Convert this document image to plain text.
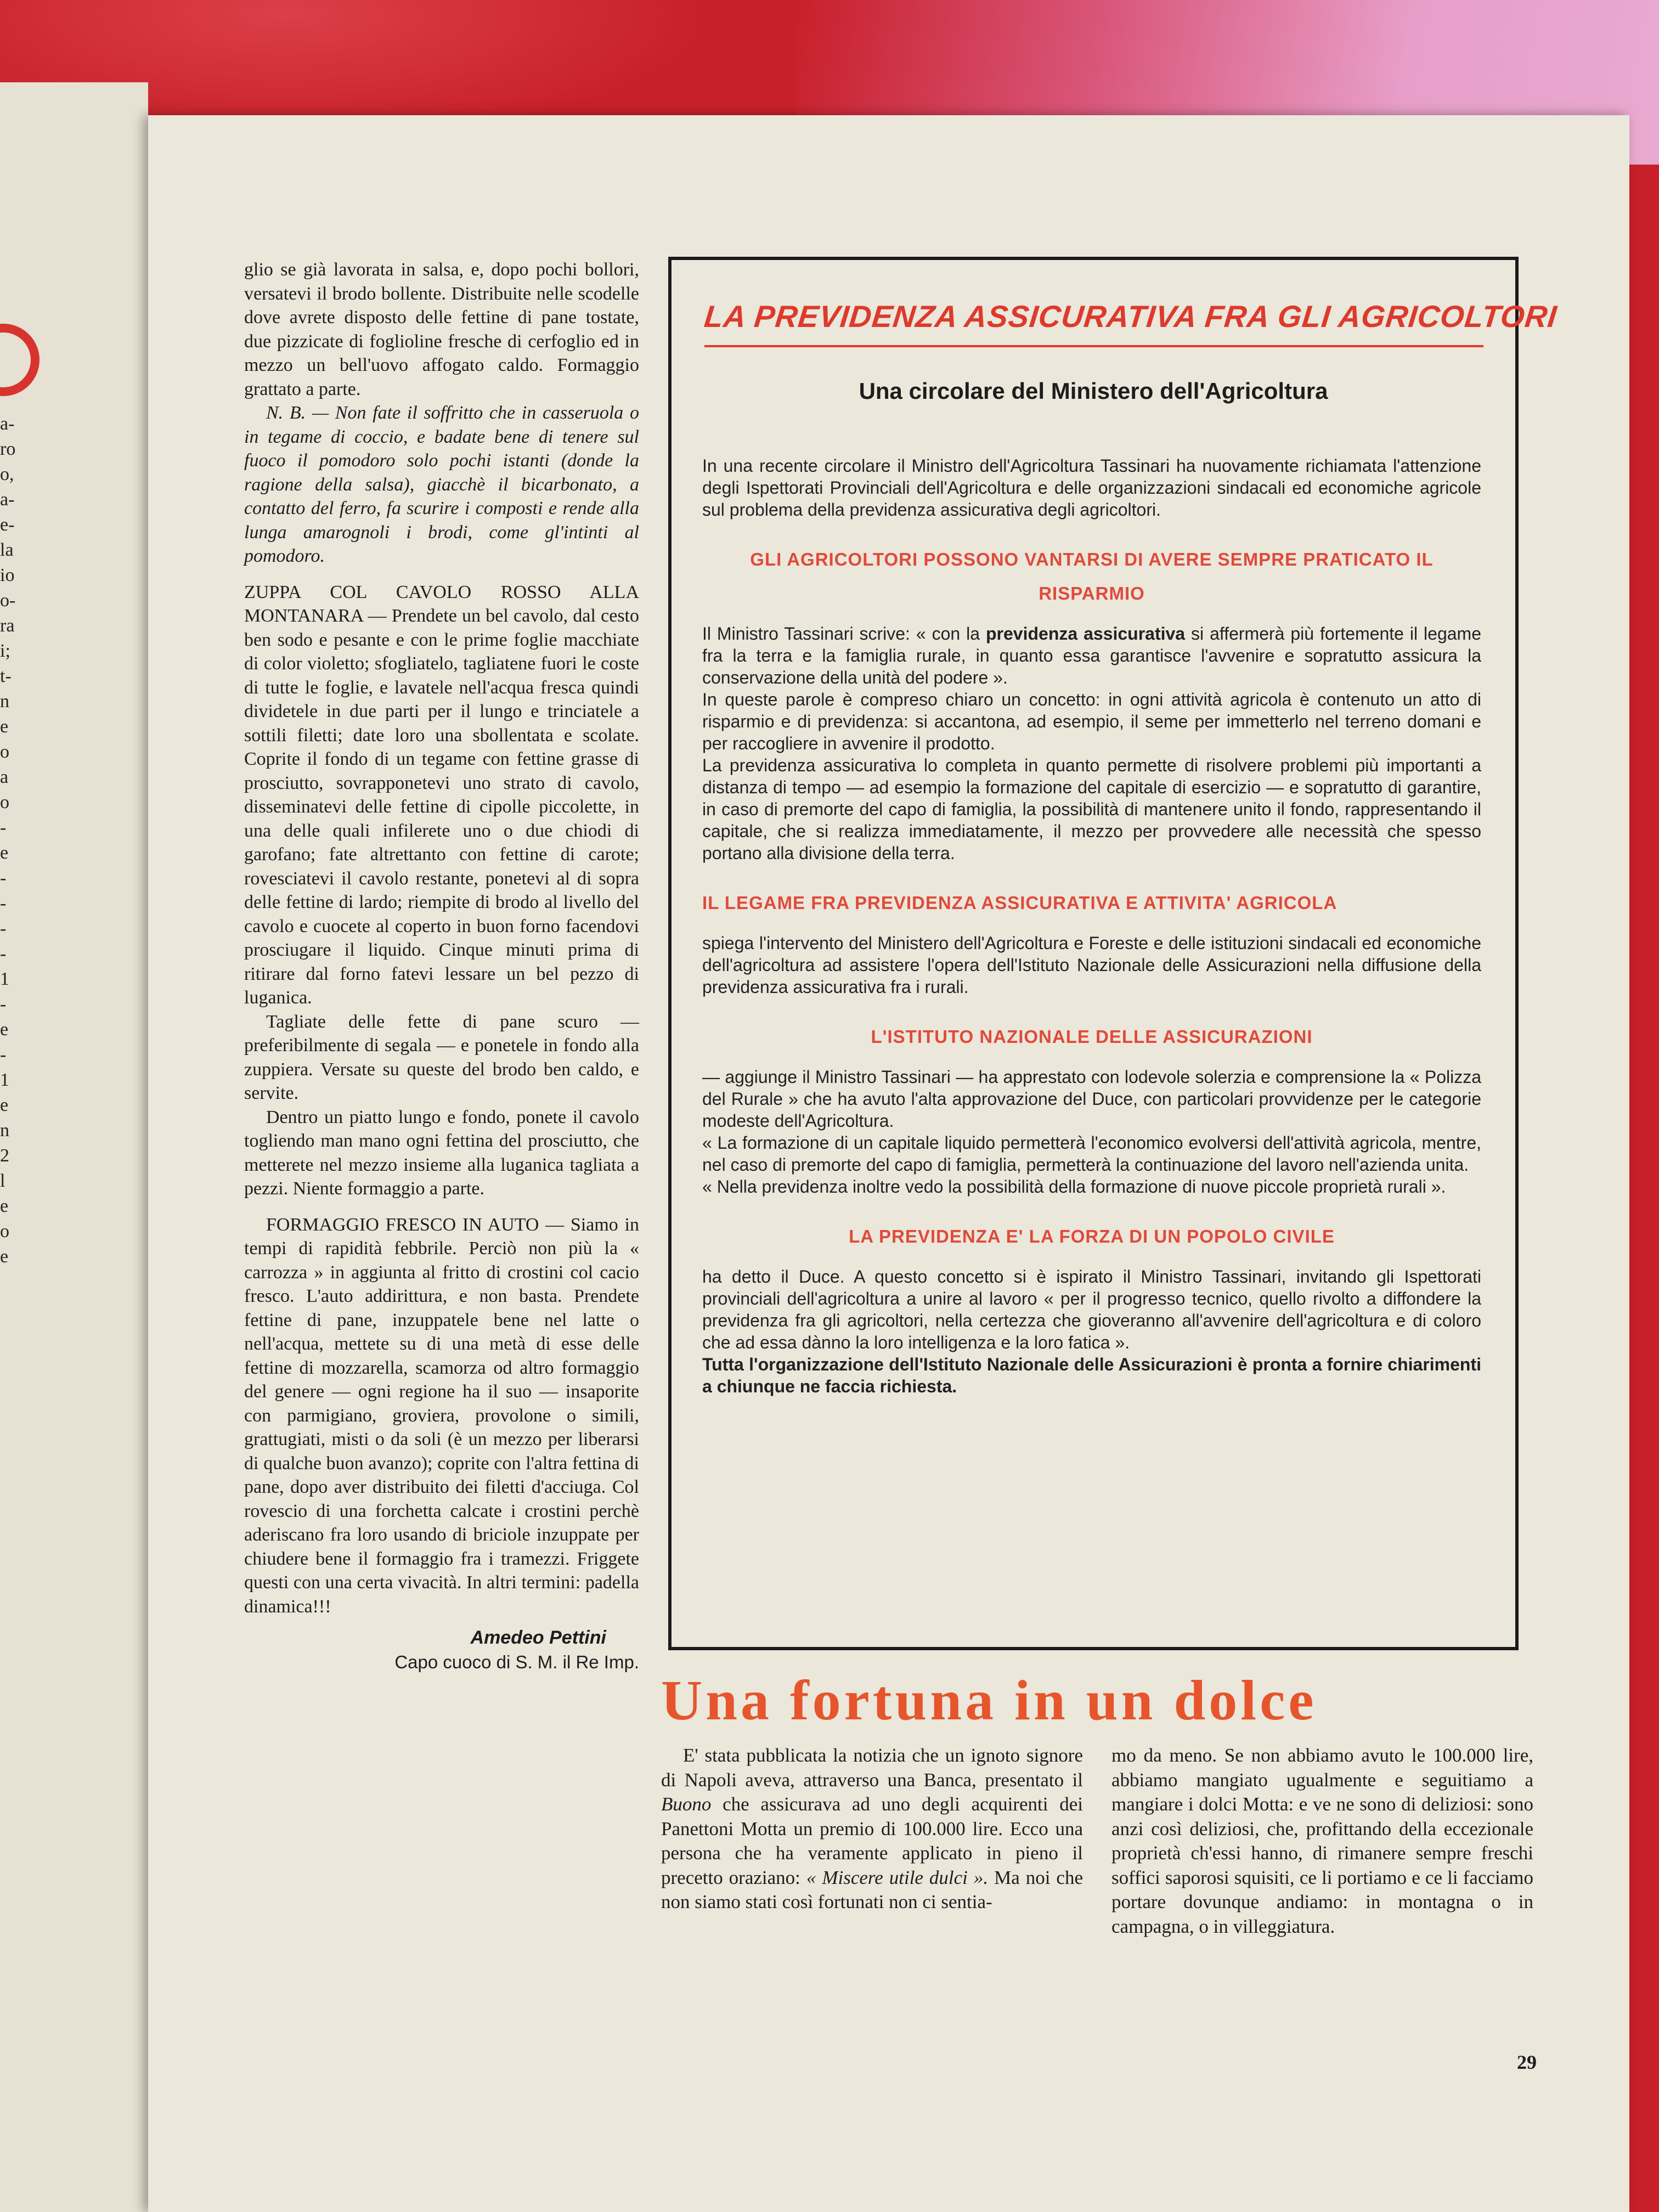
a-
ro
o,
a-
e-
la
io
o-
ra
i;
t-
n
e
o
a
o
-
e
-
-
-
-
1
-
e
-
1
e
n
2
l
e
o
e

glio se già lavorata in salsa, e, dopo pochi bollori, versatevi il brodo bollente. Distribuite nelle scodelle dove avrete disposto delle fettine di pane tostate, due pizzicate di foglioline fresche di cerfoglio ed in mezzo un bell'uovo affogato caldo. Formaggio grattato a parte.

N. B. — Non fate il soffritto che in casseruola o in tegame di coccio, e badate bene di tenere sul fuoco il pomodoro solo pochi istanti (donde la ragione della salsa), giacchè il bicarbonato, a contatto del ferro, fa scurire i composti e rende alla lunga amarognoli i brodi, come gl'intinti al pomodoro.

ZUPPA COL CAVOLO ROSSO ALLA MONTANARA — Prendete un bel cavolo, dal cesto ben sodo e pesante e con le prime foglie macchiate di color violetto; sfogliatelo, tagliatene fuori le coste di tutte le foglie, e lavatele nell'acqua fresca quindi dividetele in due parti per il lungo e trinciatele a sottili filetti; date loro una sbollentata e scolate. Coprite il fondo di un tegame con fettine grasse di prosciutto, sovrapponetevi uno strato di cavolo, disseminatevi delle fettine di cipolle piccolette, in una delle quali infilerete uno o due chiodi di garofano; fate altrettanto con fettine di carote; rovesciatevi il cavolo restante, ponetevi al di sopra delle fettine di lardo; riempite di brodo al livello del cavolo e cuocete al coperto in buon forno facendovi prosciugare il liquido. Cinque minuti prima di ritirare dal forno fatevi lessare un bel pezzo di luganica.

Tagliate delle fette di pane scuro — preferibilmente di segala — e ponetele in fondo alla zuppiera. Versate su queste del brodo ben caldo, e servite.

Dentro un piatto lungo e fondo, ponete il cavolo togliendo man mano ogni fettina del prosciutto, che metterete nel mezzo insieme alla luganica tagliata a pezzi. Niente formaggio a parte.

FORMAGGIO FRESCO IN AUTO — Siamo in tempi di rapidità febbrile. Perciò non più la « carrozza » in aggiunta al fritto di crostini col cacio fresco. L'auto addirittura, e non basta. Prendete fettine di pane, inzuppatele bene nel latte o nell'acqua, mettete su di una metà di esse delle fettine di mozzarella, scamorza od altro formaggio del genere — ogni regione ha il suo — insaporite con parmigiano, groviera, provolone o simili, grattugiati, misti o da soli (è un mezzo per liberarsi di qualche buon avanzo); coprite con l'altra fettina di pane, dopo aver distribuito dei filetti d'acciuga. Col rovescio di una forchetta calcate i crostini perchè aderiscano fra loro usando di briciole inzuppate per chiudere bene il formaggio fra i tramezzi. Friggete questi con una certa vivacità. In altri termini: padella dinamica!!!

Amedeo Pettini
Capo cuoco di S. M. il Re Imp.
LA PREVIDENZA ASSICURATIVA FRA GLI AGRICOLTORI
Una circolare del Ministero dell'Agricoltura

In una recente circolare il Ministro dell'Agricoltura Tassinari ha nuovamente richiamata l'attenzione degli Ispettorati Provinciali dell'Agricoltura e delle organizzazioni sindacali ed economiche agricole sul problema della previdenza assicurativa degli agricoltori.

GLI AGRICOLTORI POSSONO VANTARSI DI AVERE SEMPRE PRATICATO IL RISPARMIO

Il Ministro Tassinari scrive: « con la previdenza assicurativa si affermerà più fortemente il legame fra la terra e la famiglia rurale, in quanto essa garantisce l'avvenire e sopratutto assicura la conservazione della unità del podere ».

In queste parole è compreso chiaro un concetto: in ogni attività agricola è contenuto un atto di risparmio e di previdenza: si accantona, ad esempio, il seme per immetterlo nel terreno domani e per raccogliere in avvenire il prodotto.

La previdenza assicurativa lo completa in quanto permette di risolvere problemi più importanti a distanza di tempo — ad esempio la formazione del capitale di esercizio — e sopratutto di garantire, in caso di premorte del capo di famiglia, la possibilità di mantenere unito il fondo, rappresentando il capitale, che si realizza immediatamente, il mezzo per provvedere alle necessità che spesso portano alla divisione della terra.

IL LEGAME FRA PREVIDENZA ASSICURATIVA E ATTIVITA' AGRICOLA

spiega l'intervento del Ministero dell'Agricoltura e Foreste e delle istituzioni sindacali ed economiche dell'agricoltura ad assistere l'opera dell'Istituto Nazionale delle Assicurazioni nella diffusione della previdenza assicurativa fra i rurali.

L'ISTITUTO NAZIONALE DELLE ASSICURAZIONI

— aggiunge il Ministro Tassinari — ha apprestato con lodevole solerzia e comprensione la « Polizza del Rurale » che ha avuto l'alta approvazione del Duce, con particolari provvidenze per le categorie modeste dell'Agricoltura.

« La formazione di un capitale liquido permetterà l'economico evolversi dell'attività agricola, mentre, nel caso di premorte del capo di famiglia, permetterà la continuazione del lavoro nell'azienda unita.

« Nella previdenza inoltre vedo la possibilità della formazione di nuove piccole proprietà rurali ».

LA PREVIDENZA E' LA FORZA DI UN POPOLO CIVILE

ha detto il Duce. A questo concetto si è ispirato il Ministro Tassinari, invitando gli Ispettorati provinciali dell'agricoltura a unire al lavoro « per il progresso tecnico, quello rivolto a diffondere la previdenza fra gli agricoltori, nella certezza che gioveranno all'avvenire dell'agricoltura e di coloro che ad essa dànno la loro intelligenza e la loro fatica ».

Tutta l'organizzazione dell'Istituto Nazionale delle Assicurazioni è pronta a fornire chiarimenti a chiunque ne faccia richiesta.

Una fortuna in un dolce

E' stata pubblicata la notizia che un ignoto signore di Napoli aveva, attraverso una Banca, presentato il Buono che assicurava ad uno degli acquirenti dei Panettoni Motta un premio di 100.000 lire. Ecco una persona che ha veramente applicato in pieno il precetto oraziano: « Miscere utile dulci ». Ma noi che non siamo stati così fortunati non ci sentia-

mo da meno. Se non abbiamo avuto le 100.000 lire, abbiamo mangiato ugualmente e seguitiamo a mangiare i dolci Motta: e ve ne sono di deliziosi: sono anzi così deliziosi, che, profittando della eccezionale proprietà ch'essi hanno, di rimanere sempre freschi soffici saporosi squisiti, ce li portiamo e ce li facciamo portare dovunque andiamo: in montagna o in campagna, o in villeggiatura.

29
